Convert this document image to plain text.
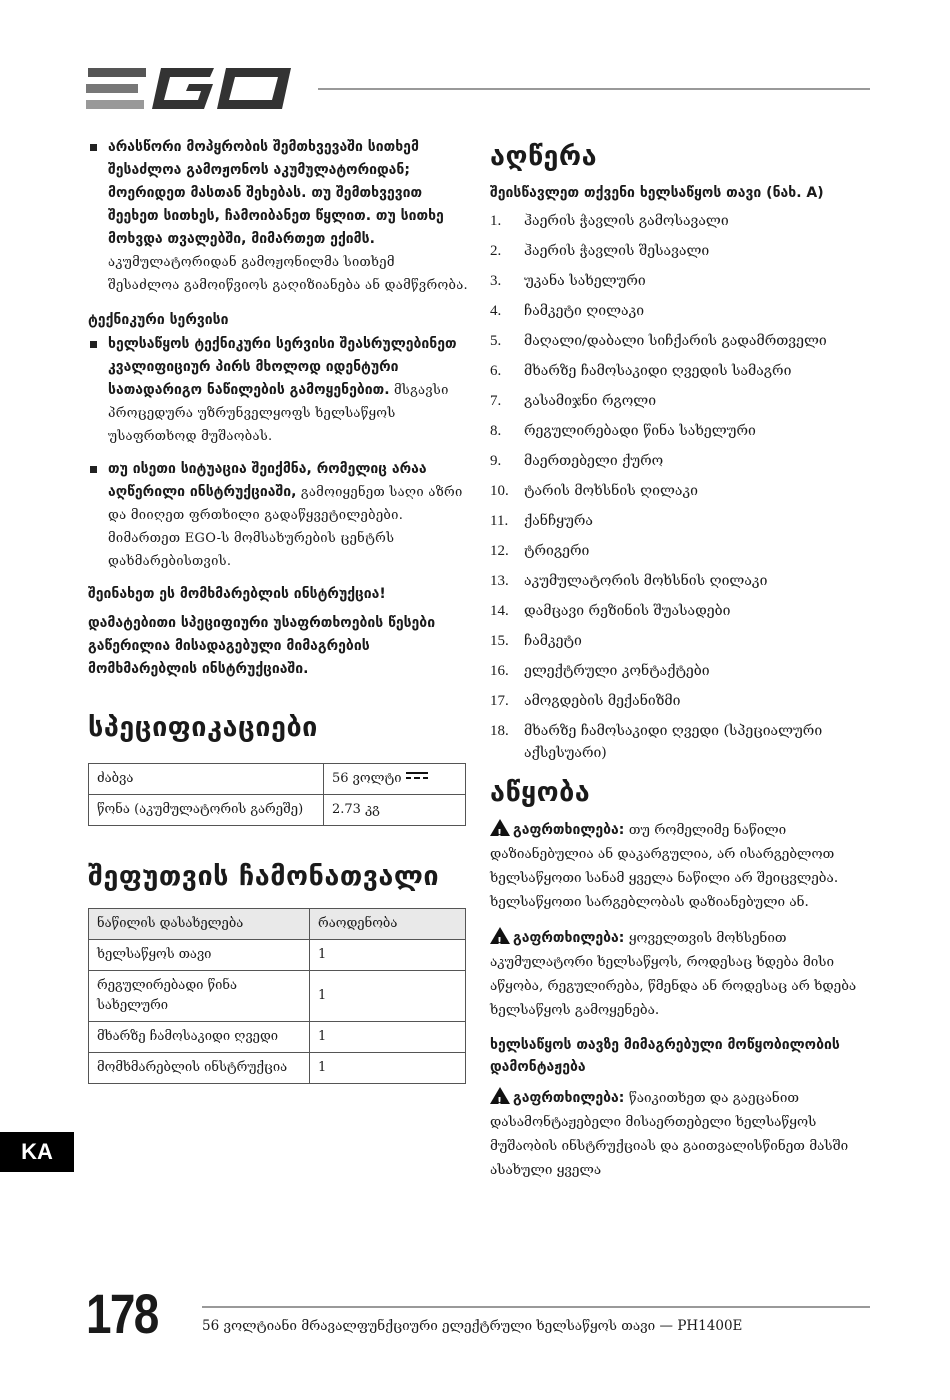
არასწორი მოპყრობის შემთხვევაში სითხემ შესაძლოა გამოჟონოს აკუმულატორიდან; მოერიდეთ მასთან შეხებას. თუ შემთხვევით შეეხეთ სითხეს, ჩამოიბანეთ წყლით. თუ სითხე მოხვდა თვალებში, მიმართეთ ექიმს. აკუმულატორიდან გამოჟონილმა სითხემ შესაძლოა გამოიწვიოს გაღიზიანება ან დამწვრობა.
ტექნიკური სერვისი
ხელსაწყოს ტექნიკური სერვისი შეასრულებინეთ კვალიფიციურ პირს მხოლოდ იდენტური სათადარიგო ნაწილების გამოყენებით. მსგავსი პროცედურა უზრუნველყოფს ხელსაწყოს უსაფრთხოდ მუშაობას.
თუ ისეთი სიტუაცია შეიქმნა, რომელიც არაა აღწერილი ინსტრუქციაში, გამოიყენეთ საღი აზრი და მიიღეთ ფრთხილი გადაწყვეტილებები. მიმართეთ EGO-ს მომსახურების ცენტრს დახმარებისთვის.
შეინახეთ ეს მომხმარებლის ინსტრუქცია!
დამატებითი სპეციფიური უსაფრთხოების წესები გაწერილია მისადაგებული მიმაგრების მომხმარებლის ინსტრუქციაში.
სპეციფიკაციები
ძაბვა	56 ვოლტი
წონა (აკუმულატორის გარეშე)	2.73 კგ
შეფუთვის ჩამონათვალი
ნაწილის დასახელება	რაოდენობა
ხელსაწყოს თავი	1
რეგულირებადი წინა სახელური	1
მხარზე ჩამოსაკიდი ღვედი	1
მომხმარებლის ინსტრუქცია	1
აღწერა
შეისწავლეთ თქვენი ხელსაწყოს თავი (ნახ. A)
1.	ჰაერის ჭავლის გამოსავალი
2.	ჰაერის ჭავლის შესავალი
3.	უკანა სახელური
4.	ჩამკეტი ღილაკი
5.	მაღალი/დაბალი სიჩქარის გადამრთველი
6.	მხარზე ჩამოსაკიდი ღვედის სამაგრი
7.	გასამიჯნი რგოლი
8.	რეგულირებადი წინა სახელური
9.	მაერთებელი ქურო
10.	ტარის მოხსნის ღილაკი
11.	ქანჩყურა
12.	ტრიგერი
13.	აკუმულატორის მოხსნის ღილაკი
14.	დამცავი რეზინის შუასადები
15.	ჩამკეტი
16.	ელექტრული კონტაქტები
17.	ამოგდების მექანიზმი
18.	მხარზე ჩამოსაკიდი ღვედი (სპეციალური აქსესუარი)
აწყობა
!გაფრთხილება: თუ რომელიმე ნაწილი დაზიანებულია ან დაკარგულია, არ ისარგებლოთ ხელსაწყოთი სანამ ყველა ნაწილი არ შეიცვლება. ხელსაწყოთი სარგებლობას დაზიანებული ან.
!გაფრთხილება: ყოველთვის მოხსენით აკუმულატორი ხელსაწყოს, როდესაც ხდება მისი აწყობა, რეგულირება, წმენდა ან როდესაც არ ხდება ხელსაწყოს გამოყენება.
ხელსაწყოს თავზე მიმაგრებული მოწყობილობის დამონტაჟება
!გაფრთხილება: წაიკითხეთ და გაეცანით დასამონტაჟებელი მისაერთებელი ხელსაწყოს მუშაობის ინსტრუქციას და გაითვალისწინეთ მასში ასახული ყველა
KA
178	56 ვოლტიანი მრავალფუნქციური ელექტრული ხელსაწყოს თავი — PH1400E
